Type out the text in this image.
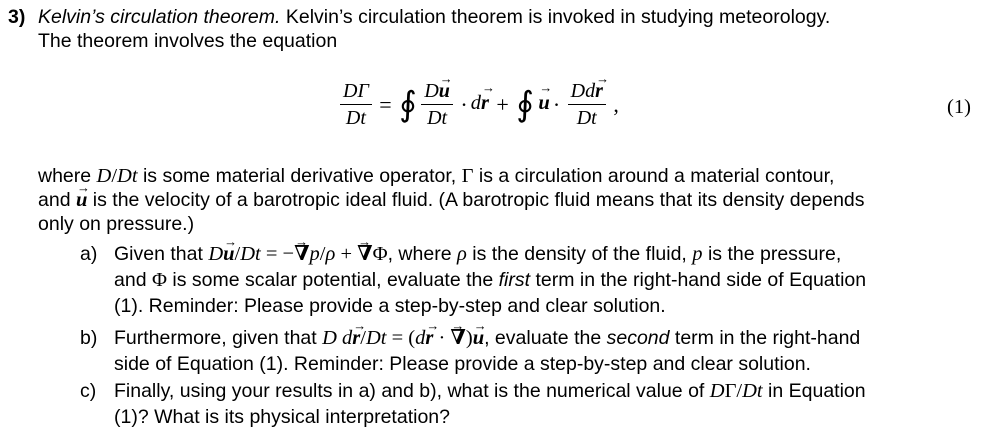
3) Kelvin’s circulation theorem. Kelvin’s circulation theorem is invoked in studying meteorology.
The theorem involves the equation
$\frac{D\Gamma}{Dt}$ = ∮ $\frac{D\to u}{Dt} \cdot d\to r$ + ∮ → $u \cdot \frac{Dd\to r}{Dt}$ ,	(1)
where D/Dt is some material derivative operator, Γ is a circulation around a material contour,
and → u is the velocity of a barotropic ideal fluid. (A barotropic fluid means that its density depends
only on pressure.)
a) Given that D→ u/Dt = −→ ∇p/ρ + → ∇Φ, where ρ is the density of the fluid, p is the pressure,
and Φ is some scalar potential, evaluate the first term in the right-hand side of Equation
(1). Reminder: Please provide a step-by-step and clear solution.
b) Furthermore, given that D d→ r/Dt = (d→ r · → ∇)→ u, evaluate the second term in the right-hand
side of Equation (1). Reminder: Please provide a step-by-step and clear solution.
c) Finally, using your results in a) and b), what is the numerical value of DΓ/Dt in Equation
(1)? What is its physical interpretation?
